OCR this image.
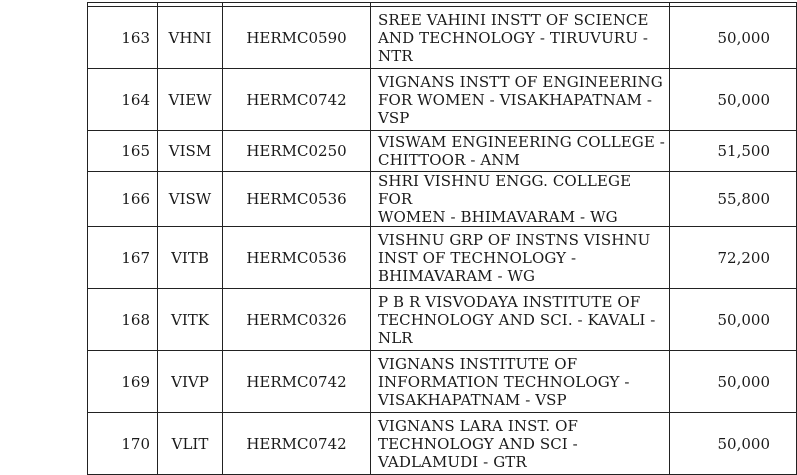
163	VHNI	HERMC0590	SREE VAHINI INSTT OF SCIENCE
AND TECHNOLOGY - TIRUVURU -
NTR	50,000
164	VIEW	HERMC0742	VIGNANS INSTT OF ENGINEERING
FOR WOMEN - VISAKHAPATNAM -
VSP	50,000
165	VISM	HERMC0250	VISWAM ENGINEERING COLLEGE -
CHITTOOR - ANM	51,500
166	VISW	HERMC0536	SHRI VISHNU ENGG. COLLEGE FOR
WOMEN - BHIMAVARAM - WG	55,800
167	VITB	HERMC0536	VISHNU GRP OF INSTNS VISHNU
INST OF TECHNOLOGY -
BHIMAVARAM - WG	72,200
168	VITK	HERMC0326	P B R VISVODAYA INSTITUTE OF
TECHNOLOGY AND SCI. - KAVALI -
NLR	50,000
169	VIVP	HERMC0742	VIGNANS INSTITUTE OF
INFORMATION TECHNOLOGY -
VISAKHAPATNAM - VSP	50,000
170	VLIT	HERMC0742	VIGNANS LARA INST. OF
TECHNOLOGY AND SCI -
VADLAMUDI - GTR	50,000
